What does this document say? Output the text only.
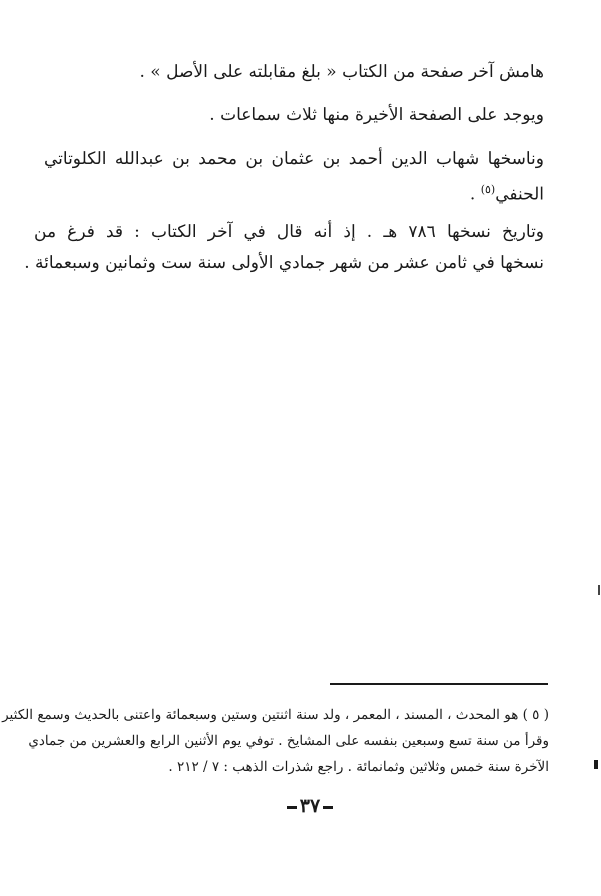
هامش آخر صفحة من الكتاب « بلغ مقابلته على الأصل » .
ويوجد على الصفحة الأخيرة منها ثلاث سماعات .
وناسخها شهاب الدين أحمد بن عثمان بن محمد بن عبدالله الكلوتاتي
الحنفي$^{(٥)}$ .
وتاريخ نسخها ٧٨٦ هـ . إذ أنه قال في آخر الكتاب : قد فرغ من
نسخها في ثامن عشر من شهر جمادي الأولى سنة ست وثمانين وسبعمائة .
( ٥ ) هو المحدث ، المسند ، المعمر ، ولد سنة اثنتين وستين وسبعمائة واعتنى بالحديث وسمع الكثير
وقرأ من سنة تسع وسبعين بنفسه على المشايخ . توفي يوم الأثنين الرابع والعشرين من جمادي
الآخرة سنة خمس وثلاثين وثمانمائة . راجع شذرات الذهب : ٧ / ٢١٢ .
٣٧
